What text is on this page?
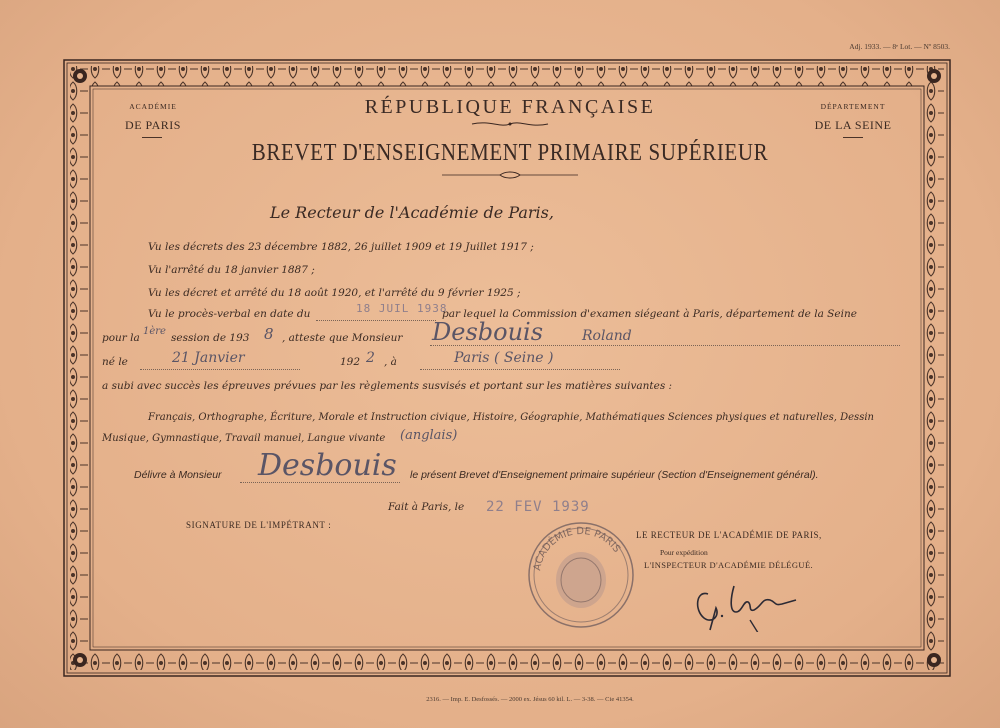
Adj. 1933. — 8ᵉ Lot. — Nº 8503.
ACADÉMIE
DE PARIS
DÉPARTEMENT
DE LA SEINE
RÉPUBLIQUE FRANÇAISE
BREVET D'ENSEIGNEMENT PRIMAIRE SUPÉRIEUR
Le Recteur de l'Académie de Paris,
Vu les décrets des 23 décembre 1882, 26 juillet 1909 et 19 Juillet 1917 ;
Vu l'arrêté du 18 janvier 1887 ;
Vu les décret et arrêté du 18 août 1920, et l'arrêté du 9 février 1925 ;
Vu le procès-verbal en date du	18 JUIL 1938
par lequel la Commission d'examen siégeant à Paris, département de la Seine
pour la
1ère
session de 193 8 , atteste que Monsieur Desbouis	Roland
né le	21 Janvier	192 2 , à	Paris ( Seine )
a subi avec succès les épreuves prévues par les règlements susvisés et portant sur les matières suivantes :
Français, Orthographe, Écriture, Morale et Instruction civique, Histoire, Géographie, Mathématiques Sciences physiques et naturelles, Dessin
Musique, Gymnastique, Travail manuel, Langue vivante (anglais)
Délivre à Monsieur Desbouis le présent Brevet d'Enseignement primaire supérieur (Section d'Enseignement général).
Fait à Paris, le 22 FEV 1939
SIGNATURE DE L'IMPÉTRANT :
ACADÉMIE DE PARIS
LE RECTEUR DE L'ACADÉMIE DE PARIS,
Pour expédition
L'INSPECTEUR D'ACADÉMIE DÉLÉGUÉ.
2316. — Imp. E. Desfossés. — 2000 ex. Jésus 60 kil. L. — 3-38. — Cie 41354.
